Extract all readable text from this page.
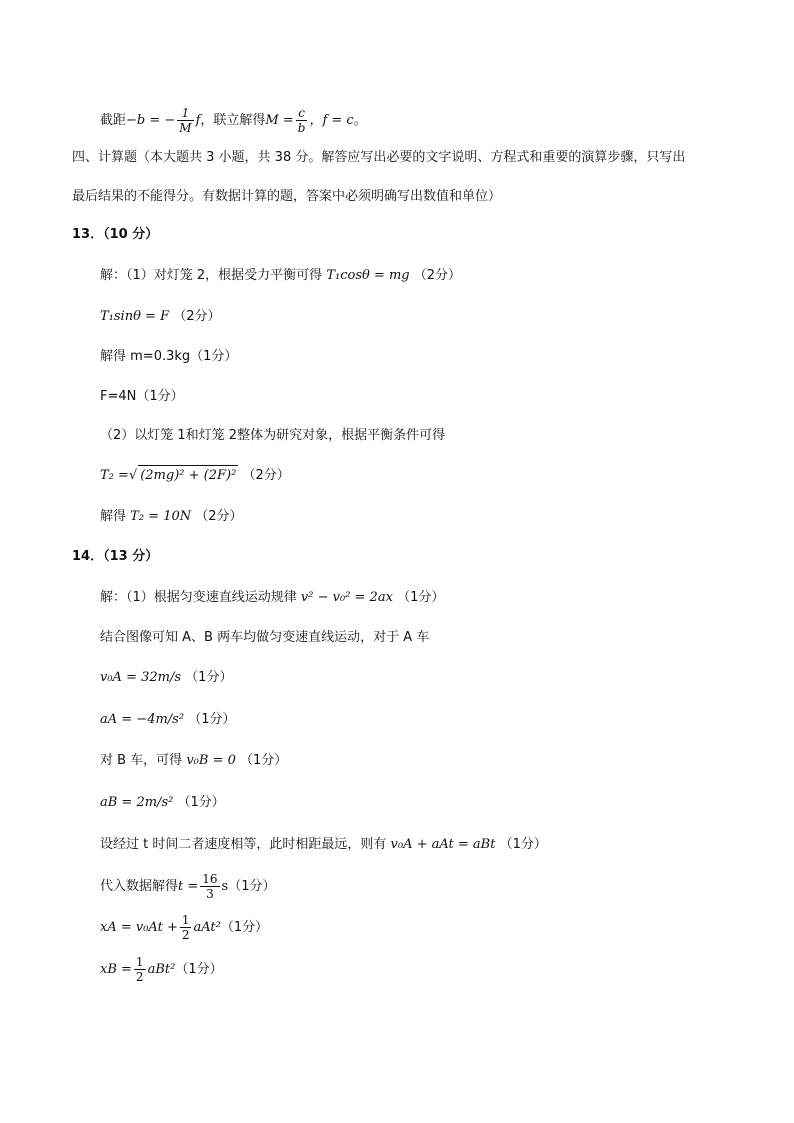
截距−b = − $\frac{1}{M}$ f，联立解得$M = \frac{c}{b}$ ，f = c。
四、计算题（本大题共 3 小题，共 38 分。解答应写出必要的文字说明、方程式和重要的演算步骤，只写出
最后结果的不能得分。有数据计算的题，答案中必须明确写出数值和单位）
13．（10 分）
解：（1）对灯笼 2，根据受力平衡可得 T₁cosθ = mg （2分）
T₁sinθ = F （2分）
解得 m=0.3kg（1分）
F=4N（1分）
（2）以灯笼 1和灯笼 2整体为研究对象，根据平衡条件可得
T₂ =√ (2mg)² + (2F)² （2分）
解得 T₂ = 10N （2分）
14．（13 分）
解：（1）根据匀变速直线运动规律 v² − v₀² = 2ax （1分）
结合图像可知 A、B 两车均做匀变速直线运动，对于 A 车
v₀A = 32m/s （1分）
aA = −4m/s² （1分）
对 B 车，可得 v₀B = 0 （1分）
aB = 2m/s² （1分）
设经过 t 时间二者速度相等，此时相距最远，则有 v₀A + aAt = aBt （1分）
代入数据解得$t = \frac{16}{3} s(1$分）
xA = $v_0At + \frac{1}{2} aAt^2(1$分）
xB = $\frac{1}{2} aBt^2(1$分）
